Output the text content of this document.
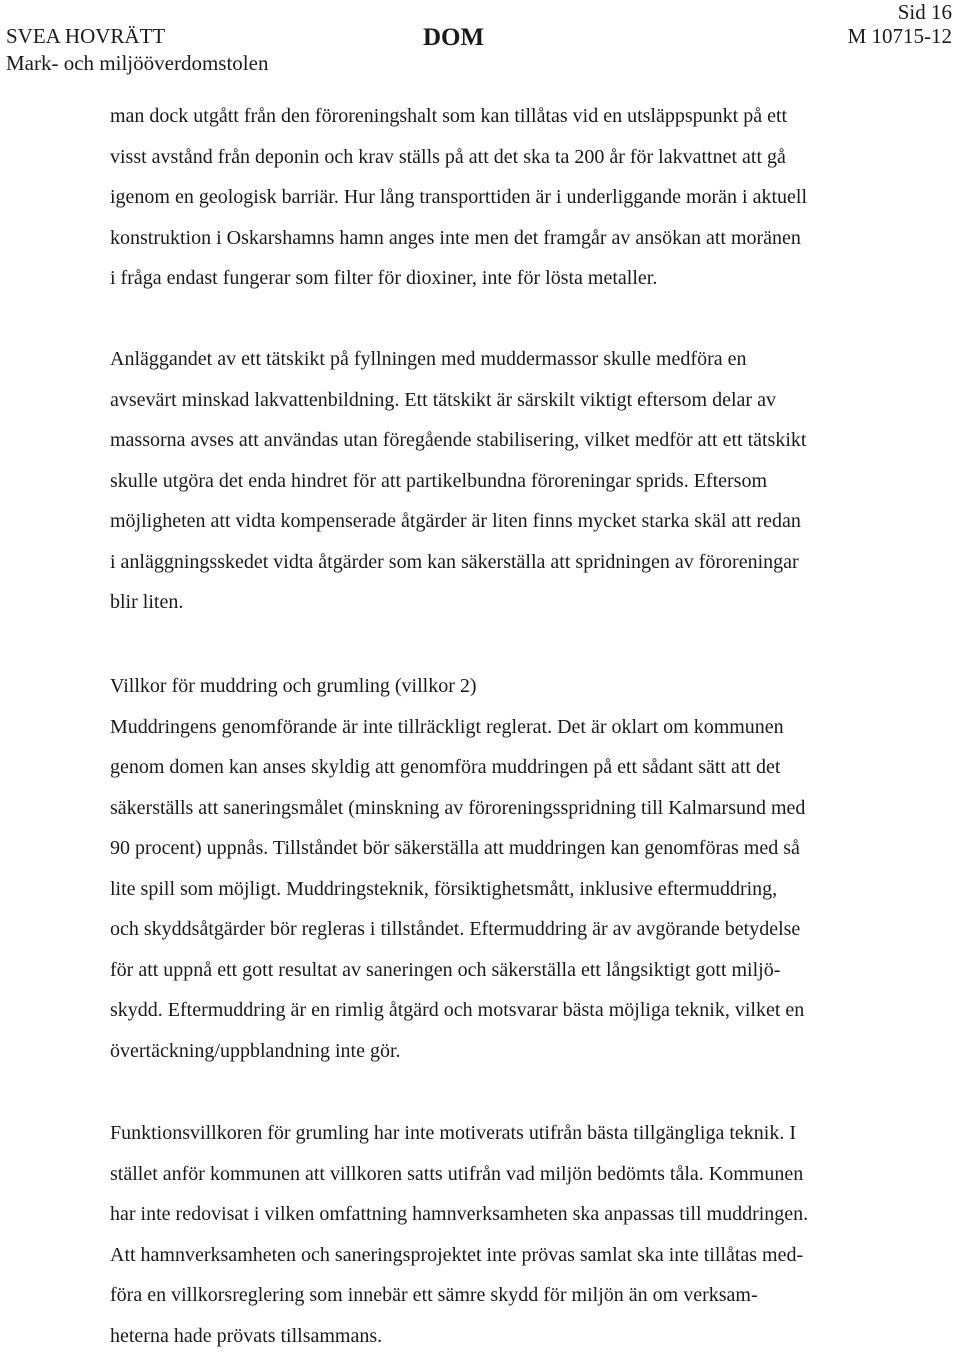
SVEA HOVRÄTT
Mark- och miljööverdomstolen
DOM
Sid 16
M 10715-12
man dock utgått från den föroreningshalt som kan tillåtas vid en utsläppspunkt på ett
visst avstånd från deponin och krav ställs på att det ska ta 200 år för lakvattnet att gå
igenom en geologisk barriär. Hur lång transporttiden är i underliggande morän i aktuell
konstruktion i Oskarshamns hamn anges inte men det framgår av ansökan att moränen
i fråga endast fungerar som filter för dioxiner, inte för lösta metaller.
Anläggandet av ett tätskikt på fyllningen med muddermassor skulle medföra en
avsevärt minskad lakvattenbildning. Ett tätskikt är särskilt viktigt eftersom delar av
massorna avses att användas utan föregående stabilisering, vilket medför att ett tätskikt
skulle utgöra det enda hindret för att partikelbundna föroreningar sprids. Eftersom
möjligheten att vidta kompenserade åtgärder är liten finns mycket starka skäl att redan
i anläggningsskedet vidta åtgärder som kan säkerställa att spridningen av föroreningar
blir liten.
Villkor för muddring och grumling (villkor 2)
Muddringens genomförande är inte tillräckligt reglerat. Det är oklart om kommunen
genom domen kan anses skyldig att genomföra muddringen på ett sådant sätt att det
säkerställs att saneringsmålet (minskning av föroreningsspridning till Kalmarsund med
90 procent) uppnås. Tillståndet bör säkerställa att muddringen kan genomföras med så
lite spill som möjligt. Muddringsteknik, försiktighetsmått, inklusive eftermuddring,
och skyddsåtgärder bör regleras i tillståndet. Eftermuddring är av avgörande betydelse
för att uppnå ett gott resultat av saneringen och säkerställa ett långsiktigt gott miljö-
skydd. Eftermuddring är en rimlig åtgärd och motsvarar bästa möjliga teknik, vilket en
övertäckning/uppblandning inte gör.
Funktionsvillkoren för grumling har inte motiverats utifrån bästa tillgängliga teknik. I
stället anför kommunen att villkoren satts utifrån vad miljön bedömts tåla. Kommunen
har inte redovisat i vilken omfattning hamnverksamheten ska anpassas till muddringen.
Att hamnverksamheten och saneringsprojektet inte prövas samlat ska inte tillåtas med-
föra en villkorsreglering som innebär ett sämre skydd för miljön än om verksam-
heterna hade prövats tillsammans.
